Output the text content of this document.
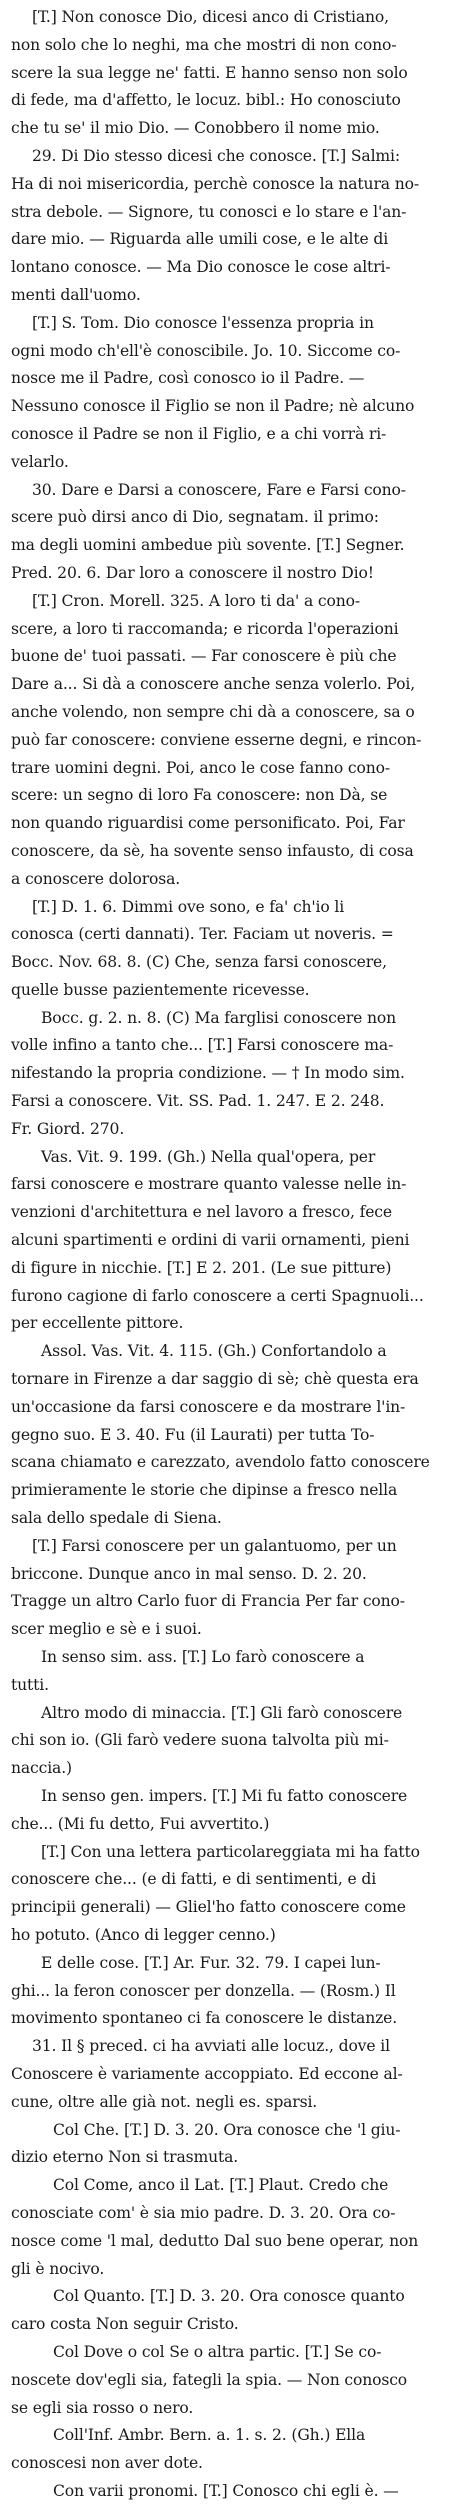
[T.] Non conosce Dio, dicesi anco di Cristiano,
non solo che lo neghi, ma che mostri di non cono-
scere la sua legge ne' fatti. E hanno senso non solo
di fede, ma d'affetto, le locuz. bibl.: Ho conosciuto
che tu se' il mio Dio. — Conobbero il nome mio.
29. Di Dio stesso dicesi che conosce. [T.] Salmi:
Ha di noi misericordia, perchè conosce la natura no-
stra debole. — Signore, tu conosci e lo stare e l'an-
dare mio. — Riguarda alle umili cose, e le alte di
lontano conosce. — Ma Dio conosce le cose altri-
menti dall'uomo.
[T.] S. Tom. Dio conosce l'essenza propria in
ogni modo ch'ell'è conoscibile. Jo. 10. Siccome co-
nosce me il Padre, così conosco io il Padre. —
Nessuno conosce il Figlio se non il Padre; nè alcuno
conosce il Padre se non il Figlio, e a chi vorrà ri-
velarlo.
30. Dare e Darsi a conoscere, Fare e Farsi cono-
scere può dirsi anco di Dio, segnatam. il primo:
ma degli uomini ambedue più sovente. [T.] Segner.
Pred. 20. 6. Dar loro a conoscere il nostro Dio!
[T.] Cron. Morell. 325. A loro ti da' a cono-
scere, a loro ti raccomanda; e ricorda l'operazioni
buone de' tuoi passati. — Far conoscere è più che
Dare a... Si dà a conoscere anche senza volerlo. Poi,
anche volendo, non sempre chi dà a conoscere, sa o
può far conoscere: conviene esserne degni, e rincon-
trare uomini degni. Poi, anco le cose fanno cono-
scere: un segno di loro Fa conoscere: non Dà, se
non quando riguardisi come personificato. Poi, Far
conoscere, da sè, ha sovente senso infausto, di cosa
a conoscere dolorosa.
[T.] D. 1. 6. Dimmi ove sono, e fa' ch'io li
conosca (certi dannati). Ter. Faciam ut noveris. =
Bocc. Nov. 68. 8. (C) Che, senza farsi conoscere,
quelle busse pazientemente ricevesse.
Bocc. g. 2. n. 8. (C) Ma farglisi conoscere non
volle infino a tanto che... [T.] Farsi conoscere ma-
nifestando la propria condizione. — † In modo sim.
Farsi a conoscere. Vit. SS. Pad. 1. 247. E 2. 248.
Fr. Giord. 270.
Vas. Vit. 9. 199. (Gh.) Nella qual'opera, per
farsi conoscere e mostrare quanto valesse nelle in-
venzioni d'architettura e nel lavoro a fresco, fece
alcuni spartimenti e ordini di varii ornamenti, pieni
di figure in nicchie. [T.] E 2. 201. (Le sue pitture)
furono cagione di farlo conoscere a certi Spagnuoli...
per eccellente pittore.
Assol. Vas. Vit. 4. 115. (Gh.) Confortandolo a
tornare in Firenze a dar saggio di sè; chè questa era
un'occasione da farsi conoscere e da mostrare l'in-
gegno suo. E 3. 40. Fu (il Laurati) per tutta To-
scana chiamato e carezzato, avendolo fatto conoscere
primieramente le storie che dipinse a fresco nella
sala dello spedale di Siena.
[T.] Farsi conoscere per un galantuomo, per un
briccone. Dunque anco in mal senso. D. 2. 20.
Tragge un altro Carlo fuor di Francia Per far cono-
scer meglio e sè e i suoi.
In senso sim. ass. [T.] Lo farò conoscere a
tutti.
Altro modo di minaccia. [T.] Gli farò conoscere
chi son io. (Gli farò vedere suona talvolta più mi-
naccia.)
In senso gen. impers. [T.] Mi fu fatto conoscere
che... (Mi fu detto, Fui avvertito.)
[T.] Con una lettera particolareggiata mi ha fatto
conoscere che... (e di fatti, e di sentimenti, e di
principii generali) — Gliel'ho fatto conoscere come
ho potuto. (Anco di legger cenno.)
E delle cose. [T.] Ar. Fur. 32. 79. I capei lun-
ghi... la feron conoscer per donzella. — (Rosm.) Il
movimento spontaneo ci fa conoscere le distanze.
31. Il § preced. ci ha avviati alle locuz., dove il
Conoscere è variamente accoppiato. Ed eccone al-
cune, oltre alle già not. negli es. sparsi.
Col Che. [T.] D. 3. 20. Ora conosce che 'l giu-
dizio eterno Non si trasmuta.
Col Come, anco il Lat. [T.] Plaut. Credo che
conosciate com' è sia mio padre. D. 3. 20. Ora co-
nosce come 'l mal, dedutto Dal suo bene operar, non
gli è nocivo.
Col Quanto. [T.] D. 3. 20. Ora conosce quanto
caro costa Non seguir Cristo.
Col Dove o col Se o altra partic. [T.] Se co-
noscete dov'egli sia, fategli la spia. — Non conosco
se egli sia rosso o nero.
Coll'Inf. Ambr. Bern. a. 1. s. 2. (Gh.) Ella
conoscesi non aver dote.
Con varii pronomi. [T.] Conosco chi egli è. —
